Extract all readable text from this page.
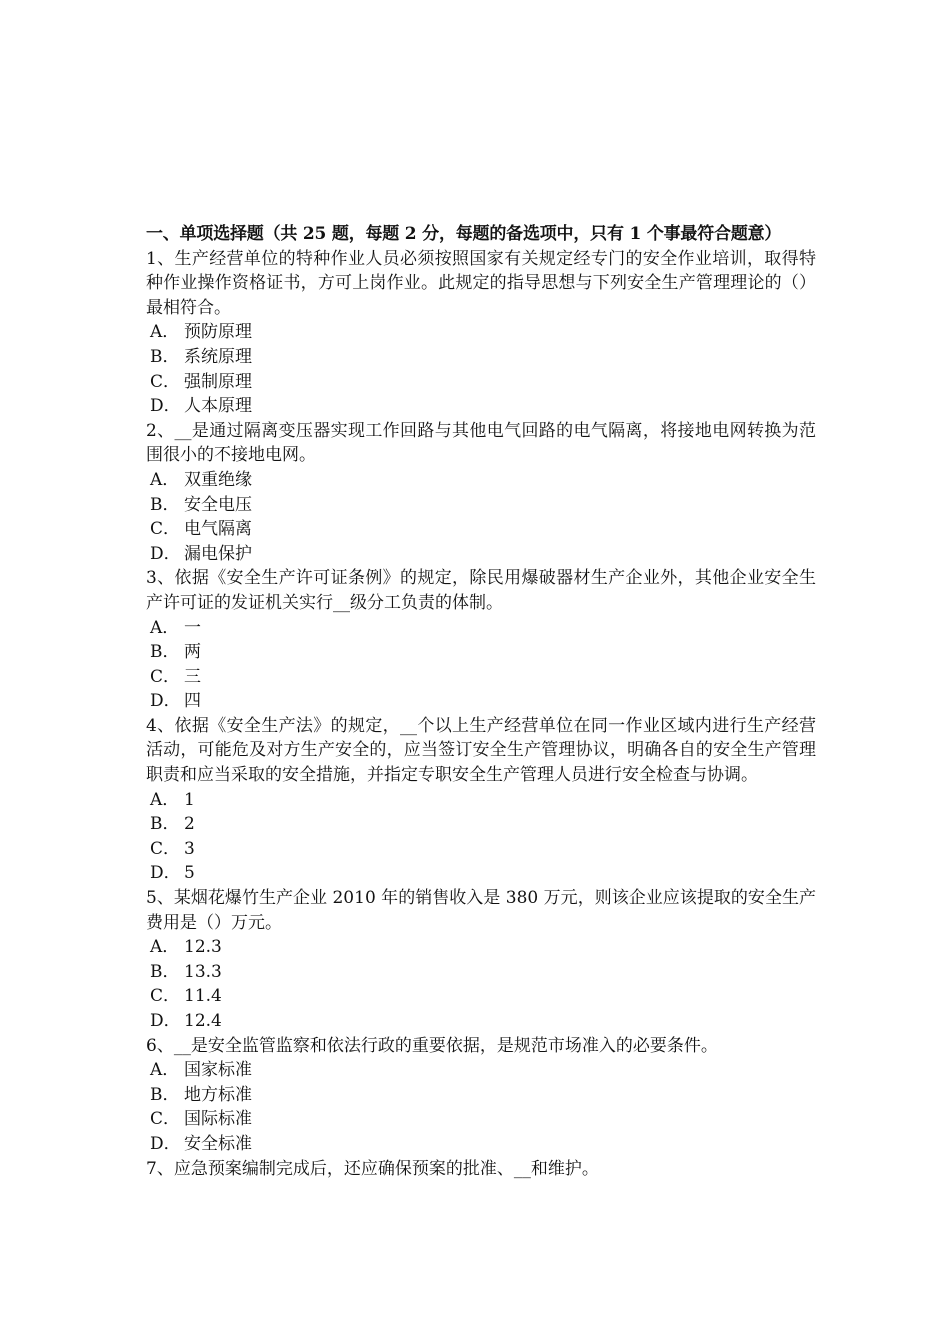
一、单项选择题（共 25 题，每题 2 分，每题的备选项中，只有 1 个事最符合题意）
1、生产经营单位的特种作业人员必须按照国家有关规定经专门的安全作业培训，取得特种作业操作资格证书，方可上岗作业。此规定的指导思想与下列安全生产管理理论的（）最相符合。
A． 预防原理
B． 系统原理
C． 强制原理
D． 人本原理
2、__是通过隔离变压器实现工作回路与其他电气回路的电气隔离，将接地电网转换为范围很小的不接地电网。
A． 双重绝缘
B． 安全电压
C． 电气隔离
D． 漏电保护
3、依据《安全生产许可证条例》的规定，除民用爆破器材生产企业外，其他企业安全生产许可证的发证机关实行__级分工负责的体制。
A． 一
B． 两
C． 三
D． 四
4、依据《安全生产法》的规定，__个以上生产经营单位在同一作业区域内进行生产经营活动，可能危及对方生产安全的，应当签订安全生产管理协议，明确各自的安全生产管理职责和应当采取的安全措施，并指定专职安全生产管理人员进行安全检查与协调。
A． 1
B． 2
C． 3
D． 5
5、某烟花爆竹生产企业 2010 年的销售收入是 380 万元，则该企业应该提取的安全生产费用是（）万元。
A． 12.3
B． 13.3
C． 11.4
D． 12.4
6、__是安全监管监察和依法行政的重要依据，是规范市场准入的必要条件。
A． 国家标准
B． 地方标准
C． 国际标准
D． 安全标准
7、应急预案编制完成后，还应确保预案的批准、__和维护。
